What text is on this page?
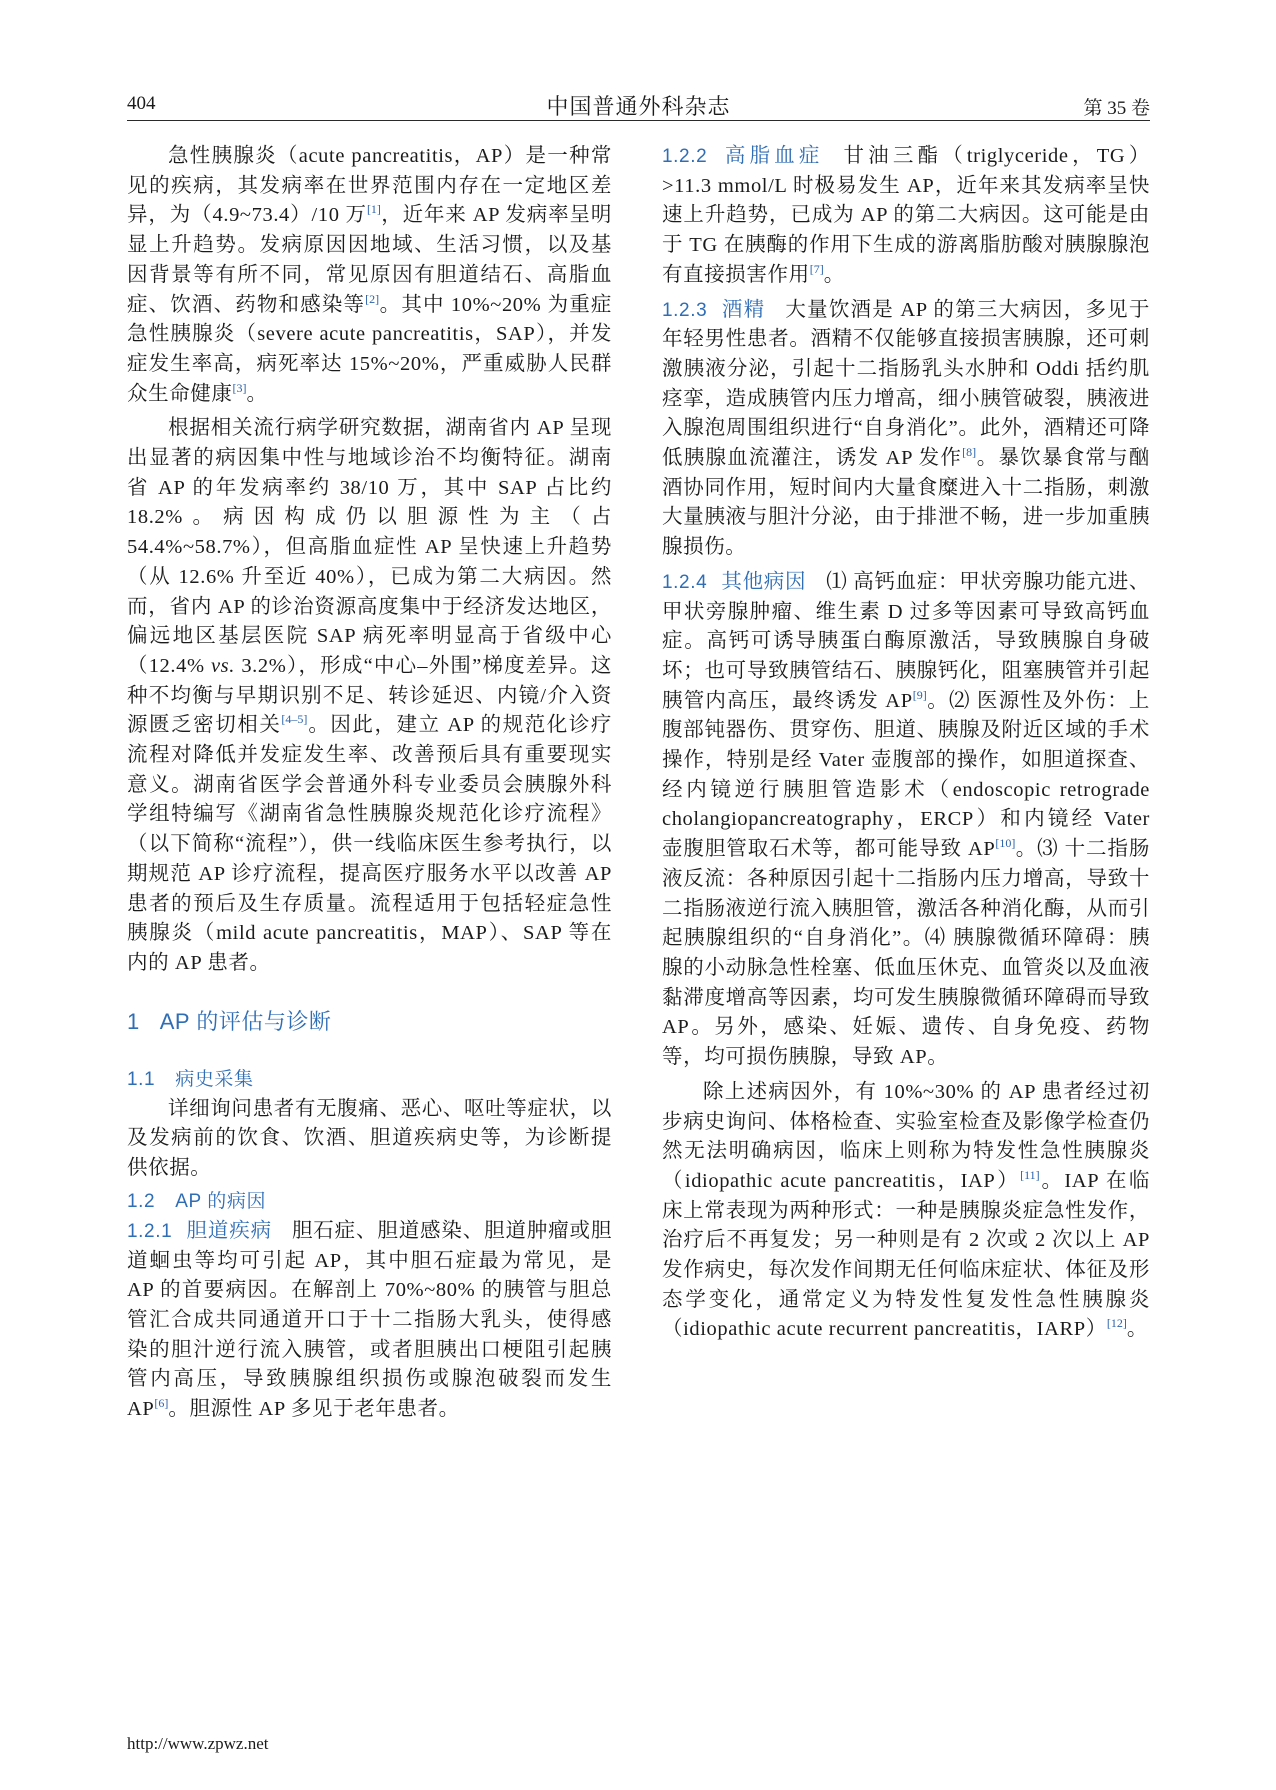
404	中国普通外科杂志	第 35 卷

急性胰腺炎（acute pancreatitis，AP）是一种常见的疾病，其发病率在世界范围内存在一定地区差异，为（4.9~73.4）/10 万[1]，近年来 AP 发病率呈明显上升趋势。发病原因因地域、生活习惯，以及基因背景等有所不同，常见原因有胆道结石、高脂血症、饮酒、药物和感染等[2]。其中 10%~20% 为重症急性胰腺炎（severe acute pancreatitis，SAP），并发症发生率高，病死率达 15%~20%，严重威胁人民群众生命健康[3]。

根据相关流行病学研究数据，湖南省内 AP 呈现出显著的病因集中性与地域诊治不均衡特征。湖南省 AP 的年发病率约 38/10 万，其中 SAP 占比约 18.2%。病因构成仍以胆源性为主（占 54.4%~58.7%），但高脂血症性 AP 呈快速上升趋势（从 12.6% 升至近 40%），已成为第二大病因。然而，省内 AP 的诊治资源高度集中于经济发达地区，偏远地区基层医院 SAP 病死率明显高于省级中心（12.4% vs. 3.2%），形成“中心–外围”梯度差异。这种不均衡与早期识别不足、转诊延迟、内镜/介入资源匮乏密切相关[4–5]。因此，建立 AP 的规范化诊疗流程对降低并发症发生率、改善预后具有重要现实意义。湖南省医学会普通外科专业委员会胰腺外科学组特编写《湖南省急性胰腺炎规范化诊疗流程》（以下简称“流程”），供一线临床医生参考执行，以期规范 AP 诊疗流程，提高医疗服务水平以改善 AP 患者的预后及生存质量。流程适用于包括轻症急性胰腺炎（mild acute pancreatitis，MAP）、SAP 等在内的 AP 患者。

1 AP 的评估与诊断
1.1 病史采集

详细询问患者有无腹痛、恶心、呕吐等症状，以及发病前的饮食、饮酒、胆道疾病史等，为诊断提供依据。

1.2 AP 的病因

1.2.1 胆道疾病 胆石症、胆道感染、胆道肿瘤或胆道蛔虫等均可引起 AP，其中胆石症最为常见，是 AP 的首要病因。在解剖上 70%~80% 的胰管与胆总管汇合成共同通道开口于十二指肠大乳头，使得感染的胆汁逆行流入胰管，或者胆胰出口梗阻引起胰管内高压，导致胰腺组织损伤或腺泡破裂而发生 AP[6]。胆源性 AP 多见于老年患者。

1.2.2 高脂血症 甘油三酯（triglyceride，TG）>11.3 mmol/L 时极易发生 AP，近年来其发病率呈快速上升趋势，已成为 AP 的第二大病因。这可能是由于 TG 在胰酶的作用下生成的游离脂肪酸对胰腺腺泡有直接损害作用[7]。

1.2.3 酒精 大量饮酒是 AP 的第三大病因，多见于年轻男性患者。酒精不仅能够直接损害胰腺，还可刺激胰液分泌，引起十二指肠乳头水肿和 Oddi 括约肌痉挛，造成胰管内压力增高，细小胰管破裂，胰液进入腺泡周围组织进行“自身消化”。此外，酒精还可降低胰腺血流灌注，诱发 AP 发作[8]。暴饮暴食常与酗酒协同作用，短时间内大量食糜进入十二指肠，刺激大量胰液与胆汁分泌，由于排泄不畅，进一步加重胰腺损伤。

1.2.4 其他病因 ⑴ 高钙血症：甲状旁腺功能亢进、甲状旁腺肿瘤、维生素 D 过多等因素可导致高钙血症。高钙可诱导胰蛋白酶原激活，导致胰腺自身破坏；也可导致胰管结石、胰腺钙化，阻塞胰管并引起胰管内高压，最终诱发 AP[9]。⑵ 医源性及外伤：上腹部钝器伤、贯穿伤、胆道、胰腺及附近区域的手术操作，特别是经 Vater 壶腹部的操作，如胆道探查、经内镜逆行胰胆管造影术（endoscopic retrograde cholangiopancreatography，ERCP）和内镜经 Vater 壶腹胆管取石术等，都可能导致 AP[10]。⑶ 十二指肠液反流：各种原因引起十二指肠内压力增高，导致十二指肠液逆行流入胰胆管，激活各种消化酶，从而引起胰腺组织的“自身消化”。⑷ 胰腺微循环障碍：胰腺的小动脉急性栓塞、低血压休克、血管炎以及血液黏滞度增高等因素，均可发生胰腺微循环障碍而导致 AP。另外，感染、妊娠、遗传、自身免疫、药物等，均可损伤胰腺，导致 AP。

除上述病因外，有 10%~30% 的 AP 患者经过初步病史询问、体格检查、实验室检查及影像学检查仍然无法明确病因，临床上则称为特发性急性胰腺炎（idiopathic acute pancreatitis，IAP）[11]。IAP 在临床上常表现为两种形式：一种是胰腺炎症急性发作，治疗后不再复发；另一种则是有 2 次或 2 次以上 AP 发作病史，每次发作间期无任何临床症状、体征及形态学变化，通常定义为特发性复发性急性胰腺炎（idiopathic acute recurrent pancreatitis，IARP）[12]。

http://www.zpwz.net
